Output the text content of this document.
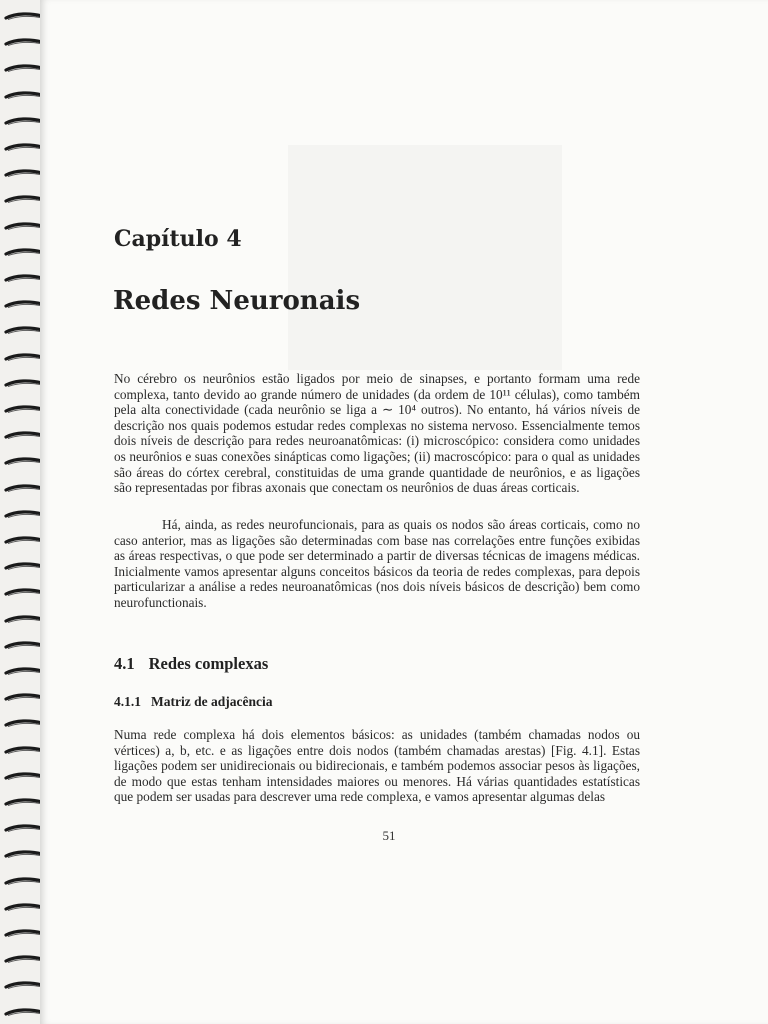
Capítulo 4
Redes Neuronais
No cérebro os neurônios estão ligados por meio de sinapses, e portanto formam uma rede complexa, tanto devido ao grande número de unidades (da ordem de 10¹¹ células), como também pela alta conectividade (cada neurônio se liga a ∼ 10⁴ outros). No entanto, há vários níveis de descrição nos quais podemos estudar redes complexas no sistema nervoso. Essencialmente temos dois níveis de descrição para redes neuroanatômicas: (i) microscópico: considera como unidades os neurônios e suas conexões sinápticas como ligações; (ii) macroscópico: para o qual as unidades são áreas do córtex cerebral, constituidas de uma grande quantidade de neurônios, e as ligações são representadas por fibras axonais que conectam os neurônios de duas áreas corticais.
Há, ainda, as redes neurofuncionais, para as quais os nodos são áreas corticais, como no caso anterior, mas as ligações são determinadas com base nas correlações entre funções exibidas as áreas respectivas, o que pode ser determinado a partir de diversas técnicas de imagens médicas. Inicialmente vamos apresentar alguns conceitos básicos da teoria de redes complexas, para depois particularizar a análise a redes neuroanatômicas (nos dois níveis básicos de descrição) bem como neurofunctionais.
4.1 Redes complexas
4.1.1 Matriz de adjacência
Numa rede complexa há dois elementos básicos: as unidades (também chamadas nodos ou vértices) a, b, etc. e as ligações entre dois nodos (também chamadas arestas) [Fig. 4.1]. Estas ligações podem ser unidirecionais ou bidirecionais, e também podemos associar pesos às ligações, de modo que estas tenham intensidades maiores ou menores. Há várias quantidades estatísticas que podem ser usadas para descrever uma rede complexa, e vamos apresentar algumas delas
51
